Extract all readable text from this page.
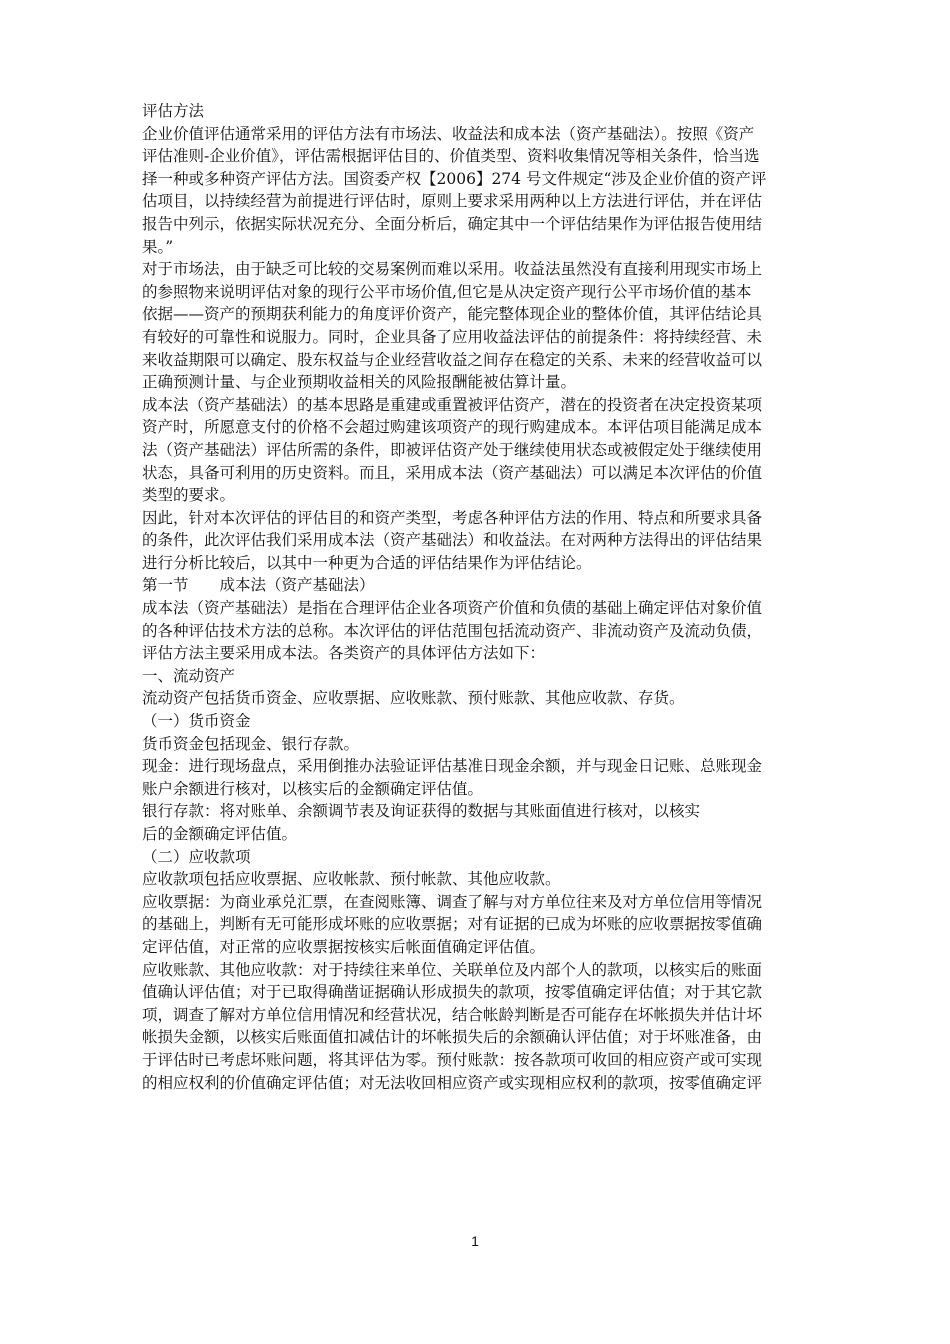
评估方法
企业价值评估通常采用的评估方法有市场法、收益法和成本法（资产基础法）。按照《资产
评估准则-企业价值》，评估需根据评估目的、价值类型、资料收集情况等相关条件，恰当选
择一种或多种资产评估方法。国资委产权【2006】274 号文件规定“涉及企业价值的资产评
估项目，以持续经营为前提进行评估时，原则上要求采用两种以上方法进行评估，并在评估
报告中列示，依据实际状况充分、全面分析后，确定其中一个评估结果作为评估报告使用结
果。”
对于市场法，由于缺乏可比较的交易案例而难以采用。收益法虽然没有直接利用现实市场上
的参照物来说明评估对象的现行公平市场价值,但它是从决定资产现行公平市场价值的基本
依据——资产的预期获利能力的角度评价资产，能完整体现企业的整体价值，其评估结论具
有较好的可靠性和说服力。同时，企业具备了应用收益法评估的前提条件：将持续经营、未
来收益期限可以确定、股东权益与企业经营收益之间存在稳定的关系、未来的经营收益可以
正确预测计量、与企业预期收益相关的风险报酬能被估算计量。
成本法（资产基础法）的基本思路是重建或重置被评估资产，潜在的投资者在决定投资某项
资产时，所愿意支付的价格不会超过购建该项资产的现行购建成本。本评估项目能满足成本
法（资产基础法）评估所需的条件，即被评估资产处于继续使用状态或被假定处于继续使用
状态，具备可利用的历史资料。而且，采用成本法（资产基础法）可以满足本次评估的价值
类型的要求。
因此，针对本次评估的评估目的和资产类型，考虑各种评估方法的作用、特点和所要求具备
的条件，此次评估我们采用成本法（资产基础法）和收益法。在对两种方法得出的评估结果
进行分析比较后，以其中一种更为合适的评估结果作为评估结论。
第一节　　成本法（资产基础法）
成本法（资产基础法）是指在合理评估企业各项资产价值和负债的基础上确定评估对象价值
的各种评估技术方法的总称。本次评估的评估范围包括流动资产、非流动资产及流动负债，
评估方法主要采用成本法。各类资产的具体评估方法如下：
一、流动资产
流动资产包括货币资金、应收票据、应收账款、预付账款、其他应收款、存货。
（一）货币资金
货币资金包括现金、银行存款。
现金：进行现场盘点，采用倒推办法验证评估基准日现金余额，并与现金日记账、总账现金
账户余额进行核对，以核实后的金额确定评估值。
银行存款：将对账单、余额调节表及询证获得的数据与其账面值进行核对，以核实
后的金额确定评估值。
（二）应收款项
应收款项包括应收票据、应收帐款、预付帐款、其他应收款。
应收票据：为商业承兑汇票，在查阅账簿、调查了解与对方单位往来及对方单位信用等情况
的基础上，判断有无可能形成坏账的应收票据；对有证据的已成为坏账的应收票据按零值确
定评估值，对正常的应收票据按核实后帐面值确定评估值。
应收账款、其他应收款：对于持续往来单位、关联单位及内部个人的款项，以核实后的账面
值确认评估值；对于已取得确凿证据确认形成损失的款项，按零值确定评估值；对于其它款
项，调查了解对方单位信用情况和经营状况，结合帐龄判断是否可能存在坏帐损失并估计坏
帐损失金额，以核实后账面值扣减估计的坏帐损失后的余额确认评估值；对于坏账准备，由
于评估时已考虑坏账问题，将其评估为零。预付账款：按各款项可收回的相应资产或可实现
的相应权利的价值确定评估值；对无法收回相应资产或实现相应权利的款项，按零值确定评
1
